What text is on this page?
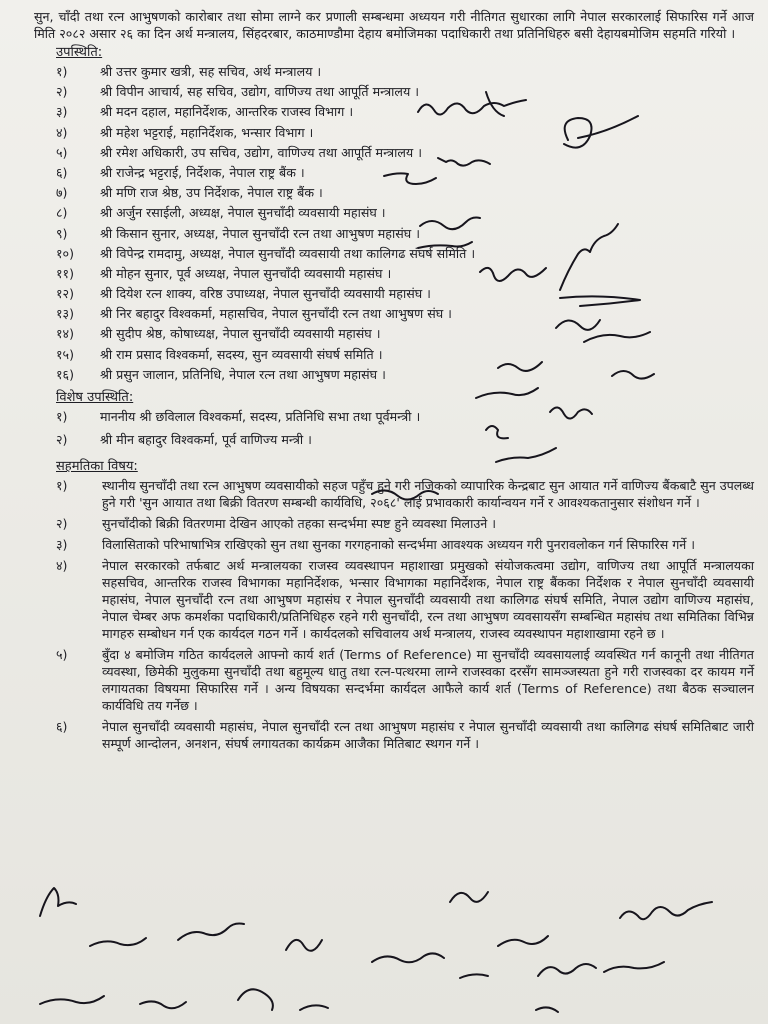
सुन, चाँदी तथा रत्न आभुषणको कारोबार तथा सोमा लाग्ने कर प्रणाली सम्बन्धमा अध्ययन गरी नीतिगत सुधारका लागि नेपाल सरकारलाई सिफारिस गर्ने आज मिति २०८२ असार २६ का दिन अर्थ मन्त्रालय, सिंहदरबार, काठमाण्डौमा देहाय बमोजिमका पदाधिकारी तथा प्रतिनिधिहरु बसी देहायबमोजिम सहमति गरियो ।

उपस्थिति:

१)	श्री उत्तर कुमार खत्री, सह सचिव, अर्थ मन्त्रालय ।
२)	श्री विपीन आचार्य, सह सचिव, उद्योग, वाणिज्य तथा आपूर्ति मन्त्रालय ।
३)	श्री मदन दहाल, महानिर्देशक, आन्तरिक राजस्व विभाग ।
४)	श्री महेश भट्टराई, महानिर्देशक, भन्सार विभाग ।
५)	श्री रमेश अधिकारी, उप सचिव, उद्योग, वाणिज्य तथा आपूर्ति मन्त्रालय ।
६)	श्री राजेन्द्र भट्टराई, निर्देशक, नेपाल राष्ट्र बैंक ।
७)	श्री मणि राज श्रेष्ठ, उप निर्देशक, नेपाल राष्ट्र बैंक ।
८)	श्री अर्जुन रसाईली, अध्यक्ष, नेपाल सुनचाँदी व्यवसायी महासंघ ।
९)	श्री किसान सुनार, अध्यक्ष, नेपाल सुनचाँदी रत्न तथा आभुषण महासंघ ।
१०) श्री विपेन्द्र रामदामु, अध्यक्ष, नेपाल सुनचाँदी व्यवसायी तथा कालिगढ संघर्ष समिति ।
११) श्री मोहन सुनार, पूर्व अध्यक्ष, नेपाल सुनचाँदी व्यवसायी महासंघ ।
१२) श्री दियेश रत्न शाक्य, वरिष्ठ उपाध्यक्ष, नेपाल सुनचाँदी व्यवसायी महासंघ ।
१३) श्री निर बहादुर विश्वकर्मा, महासचिव, नेपाल सुनचाँदी रत्न तथा आभुषण संघ ।
१४) श्री सुदीप श्रेष्ठ, कोषाध्यक्ष, नेपाल सुनचाँदी व्यवसायी महासंघ ।
१५) श्री राम प्रसाद विश्वकर्मा, सदस्य, सुन व्यवसायी संघर्ष समिति ।
१६) श्री प्रसुन जालान, प्रतिनिधि, नेपाल रत्न तथा आभुषण महासंघ ।

विशेष उपस्थिति:

१)	माननीय श्री छविलाल विश्वकर्मा, सदस्य, प्रतिनिधि सभा तथा पूर्वमन्त्री ।
२)	श्री मीन बहादुर विश्वकर्मा, पूर्व वाणिज्य मन्त्री ।

सहमतिका विषय:

१)	स्थानीय सुनचाँदी तथा रत्न आभुषण व्यवसायीको सहज पहुँच हुने गरी नजिकको व्यापारिक केन्द्रबाट सुन आयात गर्ने वाणिज्य बैंकबाटै सुन उपलब्ध हुने गरी 'सुन आयात तथा बिक्री वितरण सम्बन्धी कार्यविधि, २०६८' लाई प्रभावकारी कार्यान्वयन गर्ने र आवश्यकतानुसार संशोधन गर्ने ।
२)	सुनचाँदीको बिक्री वितरणमा देखिन आएको तहका सन्दर्भमा स्पष्ट हुने व्यवस्था मिलाउने ।
३)	विलासिताको परिभाषाभित्र राखिएको सुन तथा सुनका गरगहनाको सन्दर्भमा आवश्यक अध्ययन गरी पुनरावलोकन गर्न सिफारिस गर्ने ।
४)	नेपाल सरकारको तर्फबाट अर्थ मन्त्रालयका राजस्व व्यवस्थापन महाशाखा प्रमुखको संयोजकत्वमा उद्योग, वाणिज्य तथा आपूर्ति मन्त्रालयका सहसचिव, आन्तरिक राजस्व विभागका महानिर्देशक, भन्सार विभागका महानिर्देशक, नेपाल राष्ट्र बैंकका निर्देशक र नेपाल सुनचाँदी व्यवसायी महासंघ, नेपाल सुनचाँदी रत्न तथा आभुषण महासंघ र नेपाल सुनचाँदी व्यवसायी तथा कालिगढ संघर्ष समिति, नेपाल उद्योग वाणिज्य महासंघ, नेपाल चेम्बर अफ कमर्शका पदाधिकारी/प्रतिनिधिहरु रहने गरी सुनचाँदी, रत्न तथा आभुषण व्यवसायसँग सम्बन्धित महासंघ तथा समितिका विभिन्न मागहरु सम्बोधन गर्न एक कार्यदल गठन गर्ने । कार्यदलको सचिवालय अर्थ मन्त्रालय, राजस्व व्यवस्थापन महाशाखामा रहने छ ।
५)	बुँदा ४ बमोजिम गठित कार्यदलले आफ्नो कार्य शर्त (Terms of Reference) मा सुनचाँदी व्यवसायलाई व्यवस्थित गर्न कानूनी तथा नीतिगत व्यवस्था, छिमेकी मुलुकमा सुनचाँदी तथा बहुमूल्य धातु तथा रत्न-पत्थरमा लाग्ने राजस्वका दरसँग सामञ्जस्यता हुने गरी राजस्वका दर कायम गर्ने लगायतका विषयमा सिफारिस गर्ने । अन्य विषयका सन्दर्भमा कार्यदल आफैले कार्य शर्त (Terms of Reference) तथा बैठक सञ्चालन कार्यविधि तय गर्नेछ ।
६)	नेपाल सुनचाँदी व्यवसायी महासंघ, नेपाल सुनचाँदी रत्न तथा आभुषण महासंघ र नेपाल सुनचाँदी व्यवसायी तथा कालिगढ संघर्ष समितिबाट जारी सम्पूर्ण आन्दोलन, अनशन, संघर्ष लगायतका कार्यक्रम आजैका मितिबाट स्थगन गर्ने ।
